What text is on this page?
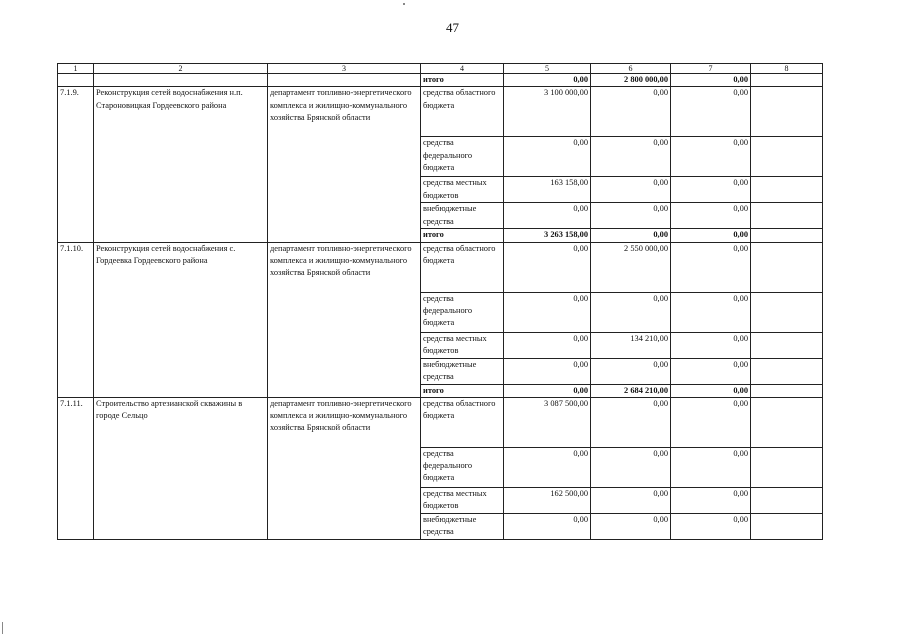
47
1	2	3	4	5	6	7	8
			итого	0,00	2 800 000,00	0,00	
7.1.9.	Реконструкция сетей водоснабжения н.п. Староновицкая Гордеевского района	департамент топливно-энергетического комплекса и жилищно-коммунального хозяйства Брянской области	средства областного бюджета	3 100 000,00	0,00	0,00	
			средства федерального бюджета	0,00	0,00	0,00	
			средства местных бюджетов	163 158,00	0,00	0,00	
			внебюджетные средства	0,00	0,00	0,00	
			итого	3 263 158,00	0,00	0,00	
7.1.10.	Реконструкция сетей водоснабжения с. Гордеевка Гордеевского района	департамент топливно-энергетического комплекса и жилищно-коммунального хозяйства Брянской области	средства областного бюджета	0,00	2 550 000,00	0,00	
			средства федерального бюджета	0,00	0,00	0,00	
			средства местных бюджетов	0,00	134 210,00	0,00	
			внебюджетные средства	0,00	0,00	0,00	
			итого	0,00	2 684 210,00	0,00	
7.1.11.	Строительство артезианской скважины в городе Сельцо	департамент топливно-энергетического комплекса и жилищно-коммунального хозяйства Брянской области	средства областного бюджета	3 087 500,00	0,00	0,00	
			средства федерального бюджета	0,00	0,00	0,00	
			средства местных бюджетов	162 500,00	0,00	0,00	
			внебюджетные средства	0,00	0,00	0,00	
